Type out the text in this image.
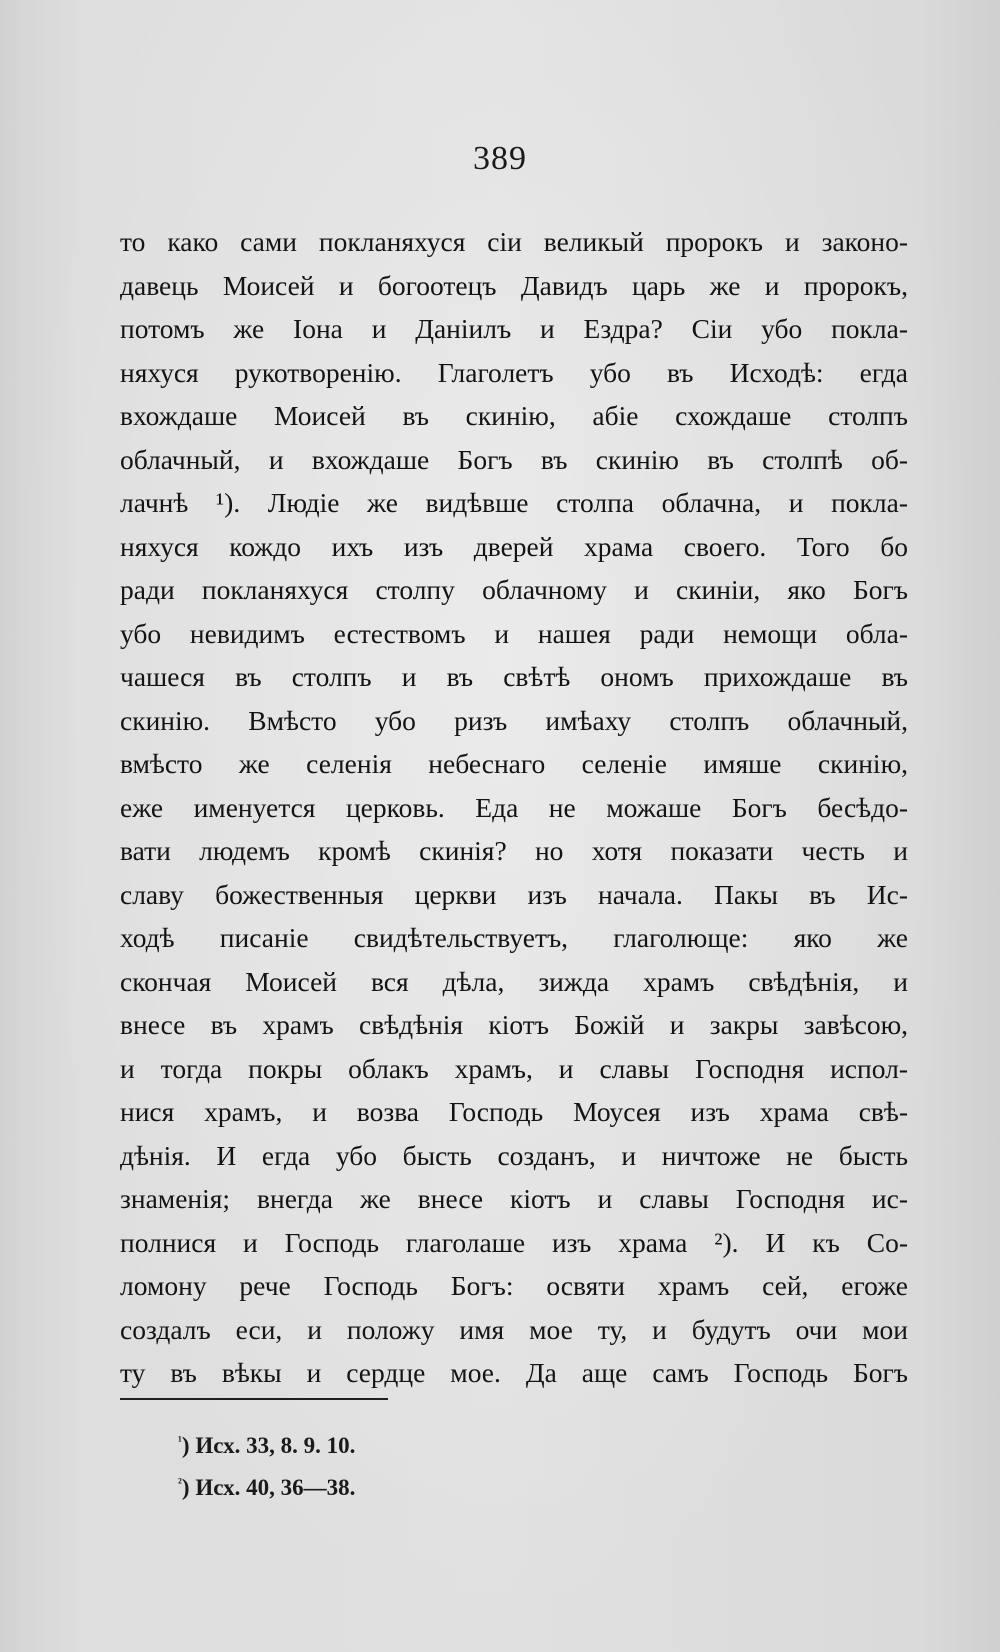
389
то како сами покланяхуся сіи великый пророкъ и законо-
давець Моисей и богоотецъ Давидъ царь же и пророкъ,
потомъ же Іона и Даніилъ и Ездра? Сіи убо покла-
няхуся рукотворенію. Глаголетъ убо въ Исходѣ: егда
вхождаше Моисей въ скинію, абіе схождаше столпъ
облачный, и вхождаше Богъ въ скинію въ столпѣ об-
лачнѣ ¹). Людіе же видѣвше столпа облачна, и покла-
няхуся кождо ихъ изъ дверей храма своего. Того бо
ради покланяхуся столпу облачному и скиніи, яко Богъ
убо невидимъ естествомъ и нашея ради немощи обла-
чашеся въ столпъ и въ свѣтѣ ономъ прихождаше въ
скинію. Вмѣсто убо ризъ имѣаху столпъ облачный,
вмѣсто же селенія небеснаго селеніе имяше скинію,
еже именуется церковь. Еда не можаше Богъ бесѣдо-
вати людемъ кромѣ скинія? но хотя показати честь и
славу божественныя церкви изъ начала. Пакы въ Ис-
ходѣ писаніе свидѣтельствуетъ, глаголюще: яко же
скончая Моисей вся дѣла, зиждa храмъ свѣдѣнія, и
внесе въ храмъ свѣдѣнія кіотъ Божій и закры завѣсою,
и тогда покры облакъ храмъ, и славы Господня испол-
нися храмъ, и возва Господь Моусея изъ храма свѣ-
дѣнія. И егда убо бысть созданъ, и ничтоже не бысть
знаменія; внегда же внесе кіотъ и славы Господня ис-
полнися и Господь глаголаше изъ храма ²). И къ Со-
ломону рече Господь Богъ: освяти храмъ сей, егоже
создалъ еси, и положу имя мое ту, и будутъ очи мои
ту въ вѣкы и сердце мое. Да аще самъ Господь Богъ
$^{^1}$) Исх. 33, 8. 9. 10.
$^{^2}$) Исх. 40, 36—38.
